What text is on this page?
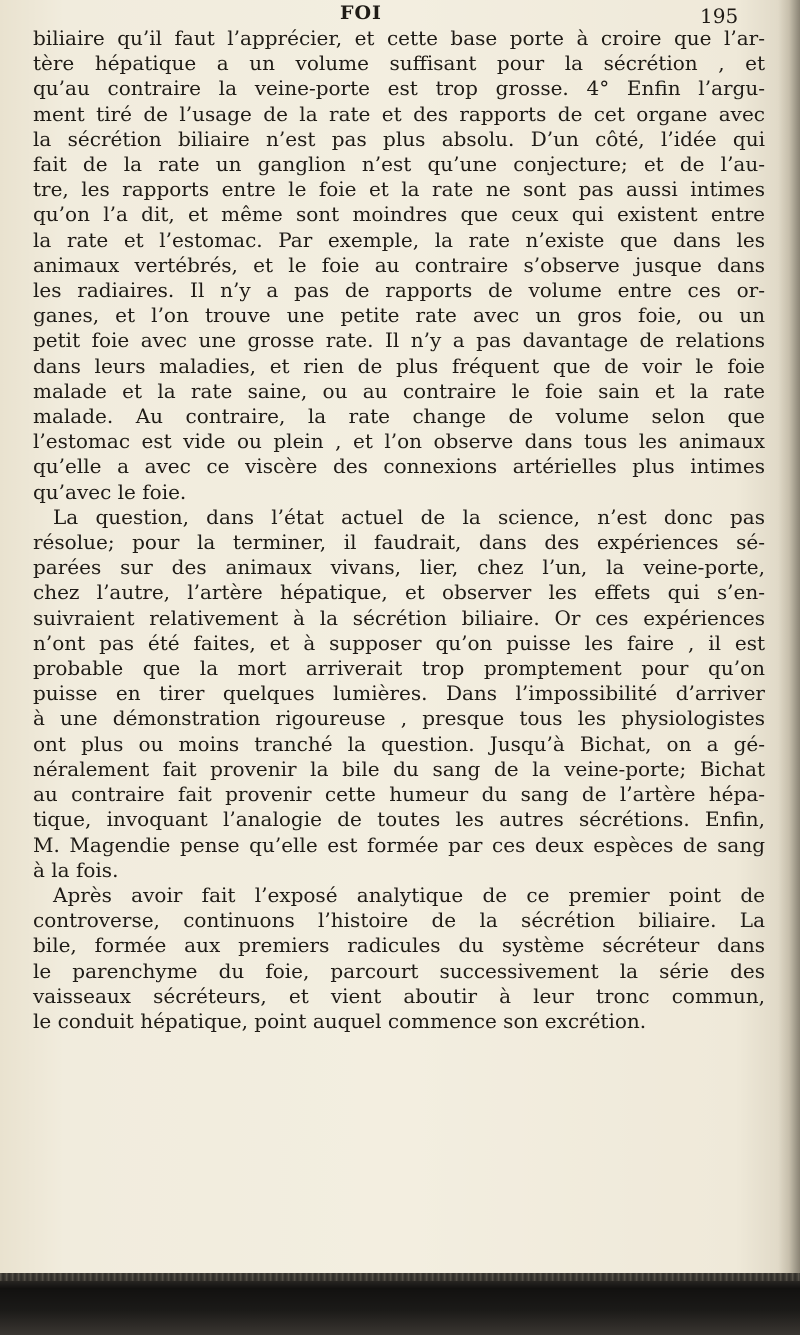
FOI	195
biliaire qu’il faut l’apprécier, et cette base porte à croire que l’ar-
tère hépatique a un volume suffisant pour la sécrétion , et
qu’au contraire la veine-porte est trop grosse. 4° Enfin l’argu-
ment tiré de l’usage de la rate et des rapports de cet organe avec
la sécrétion biliaire n’est pas plus absolu. D’un côté, l’idée qui
fait de la rate un ganglion n’est qu’une conjecture; et de l’au-
tre, les rapports entre le foie et la rate ne sont pas aussi intimes
qu’on l’a dit, et même sont moindres que ceux qui existent entre
la rate et l’estomac. Par exemple, la rate n’existe que dans les
animaux vertébrés, et le foie au contraire s’observe jusque dans
les radiaires. Il n’y a pas de rapports de volume entre ces or-
ganes, et l’on trouve une petite rate avec un gros foie, ou un
petit foie avec une grosse rate. Il n’y a pas davantage de relations
dans leurs maladies, et rien de plus fréquent que de voir le foie
malade et la rate saine, ou au contraire le foie sain et la rate
malade. Au contraire, la rate change de volume selon que
l’estomac est vide ou plein , et l’on observe dans tous les animaux
qu’elle a avec ce viscère des connexions artérielles plus intimes
qu’avec le foie.
La question, dans l’état actuel de la science, n’est donc pas
résolue; pour la terminer, il faudrait, dans des expériences sé-
parées sur des animaux vivans, lier, chez l’un, la veine-porte,
chez l’autre, l’artère hépatique, et observer les effets qui s’en-
suivraient relativement à la sécrétion biliaire. Or ces expériences
n’ont pas été faites, et à supposer qu’on puisse les faire , il est
probable que la mort arriverait trop promptement pour qu’on
puisse en tirer quelques lumières. Dans l’impossibilité d’arriver
à une démonstration rigoureuse , presque tous les physiologistes
ont plus ou moins tranché la question. Jusqu’à Bichat, on a gé-
néralement fait provenir la bile du sang de la veine-porte; Bichat
au contraire fait provenir cette humeur du sang de l’artère hépa-
tique, invoquant l’analogie de toutes les autres sécrétions. Enfin,
M. Magendie pense qu’elle est formée par ces deux espèces de sang
à la fois.
Après avoir fait l’exposé analytique de ce premier point de
controverse, continuons l’histoire de la sécrétion biliaire. La
bile, formée aux premiers radicules du système sécréteur dans
le parenchyme du foie, parcourt successivement la série des
vaisseaux sécréteurs, et vient aboutir à leur tronc commun,
le conduit hépatique, point auquel commence son excrétion.
